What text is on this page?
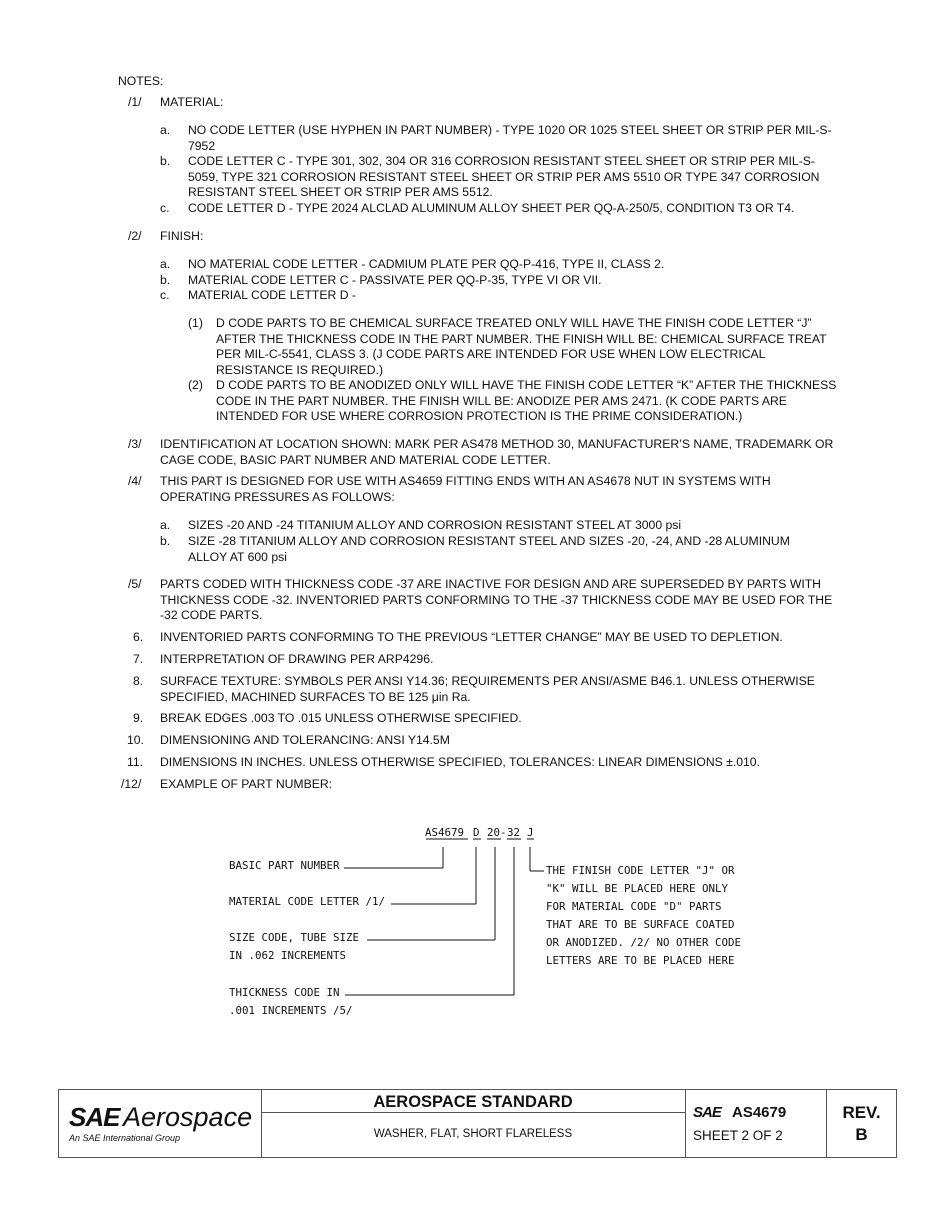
NOTES:
/1/ MATERIAL:
a. NO CODE LETTER (USE HYPHEN IN PART NUMBER) - TYPE 1020 OR 1025 STEEL SHEET OR STRIP PER MIL-S-7952
b. CODE LETTER C - TYPE 301, 302, 304 OR 316 CORROSION RESISTANT STEEL SHEET OR STRIP PER MIL-S-5059, TYPE 321 CORROSION RESISTANT STEEL SHEET OR STRIP PER AMS 5510 OR TYPE 347 CORROSION RESISTANT STEEL SHEET OR STRIP PER AMS 5512.
c. CODE LETTER D - TYPE 2024 ALCLAD ALUMINUM ALLOY SHEET PER QQ-A-250/5, CONDITION T3 OR T4.
/2/ FINISH:
a. NO MATERIAL CODE LETTER - CADMIUM PLATE PER QQ-P-416, TYPE II, CLASS 2.
b. MATERIAL CODE LETTER C - PASSIVATE PER QQ-P-35, TYPE VI OR VII.
c. MATERIAL CODE LETTER D -
(1) D CODE PARTS TO BE CHEMICAL SURFACE TREATED ONLY WILL HAVE THE FINISH CODE LETTER “J” AFTER THE THICKNESS CODE IN THE PART NUMBER. THE FINISH WILL BE: CHEMICAL SURFACE TREAT PER MIL-C-5541, CLASS 3. (J CODE PARTS ARE INTENDED FOR USE WHEN LOW ELECTRICAL RESISTANCE IS REQUIRED.)
(2) D CODE PARTS TO BE ANODIZED ONLY WILL HAVE THE FINISH CODE LETTER “K” AFTER THE THICKNESS CODE IN THE PART NUMBER. THE FINISH WILL BE: ANODIZE PER AMS 2471. (K CODE PARTS ARE INTENDED FOR USE WHERE CORROSION PROTECTION IS THE PRIME CONSIDERATION.)
/3/ IDENTIFICATION AT LOCATION SHOWN: MARK PER AS478 METHOD 30, MANUFACTURER’S NAME, TRADEMARK OR CAGE CODE, BASIC PART NUMBER AND MATERIAL CODE LETTER.
/4/ THIS PART IS DESIGNED FOR USE WITH AS4659 FITTING ENDS WITH AN AS4678 NUT IN SYSTEMS WITH OPERATING PRESSURES AS FOLLOWS:
a. SIZES -20 AND -24 TITANIUM ALLOY AND CORROSION RESISTANT STEEL AT 3000 psi
b. SIZE -28 TITANIUM ALLOY AND CORROSION RESISTANT STEEL AND SIZES -20, -24, AND -28 ALUMINUM ALLOY AT 600 psi
/5/ PARTS CODED WITH THICKNESS CODE -37 ARE INACTIVE FOR DESIGN AND ARE SUPERSEDED BY PARTS WITH THICKNESS CODE -32. INVENTORIED PARTS CONFORMING TO THE -37 THICKNESS CODE MAY BE USED FOR THE -32 CODE PARTS.
6. INVENTORIED PARTS CONFORMING TO THE PREVIOUS “LETTER CHANGE” MAY BE USED TO DEPLETION.
7. INTERPRETATION OF DRAWING PER ARP4296.
8. SURFACE TEXTURE: SYMBOLS PER ANSI Y14.36; REQUIREMENTS PER ANSI/ASME B46.1. UNLESS OTHERWISE SPECIFIED, MACHINED SURFACES TO BE 125 μin Ra.
9. BREAK EDGES .003 TO .015 UNLESS OTHERWISE SPECIFIED.
10. DIMENSIONING AND TOLERANCING: ANSI Y14.5M
11. DIMENSIONS IN INCHES. UNLESS OTHERWISE SPECIFIED, TOLERANCES: LINEAR DIMENSIONS ±.010.
/12/ EXAMPLE OF PART NUMBER:
AS4679 D 20 - 32 J
BASIC PART NUMBER
MATERIAL CODE LETTER /1/
SIZE CODE, TUBE SIZE
IN .062 INCREMENTS
THICKNESS CODE IN
.001 INCREMENTS /5/
THE FINISH CODE LETTER "J" OR
"K" WILL BE PLACED HERE ONLY
FOR MATERIAL CODE "D" PARTS
THAT ARE TO BE SURFACE COATED
OR ANODIZED. /2/ NO OTHER CODE
LETTERS ARE TO BE PLACED HERE
SAE Aerospace
An SAE International Group
AEROSPACE STANDARD
WASHER, FLAT, SHORT FLARELESS
SAE AS4679
SHEET 2 OF 2
REV.
B
